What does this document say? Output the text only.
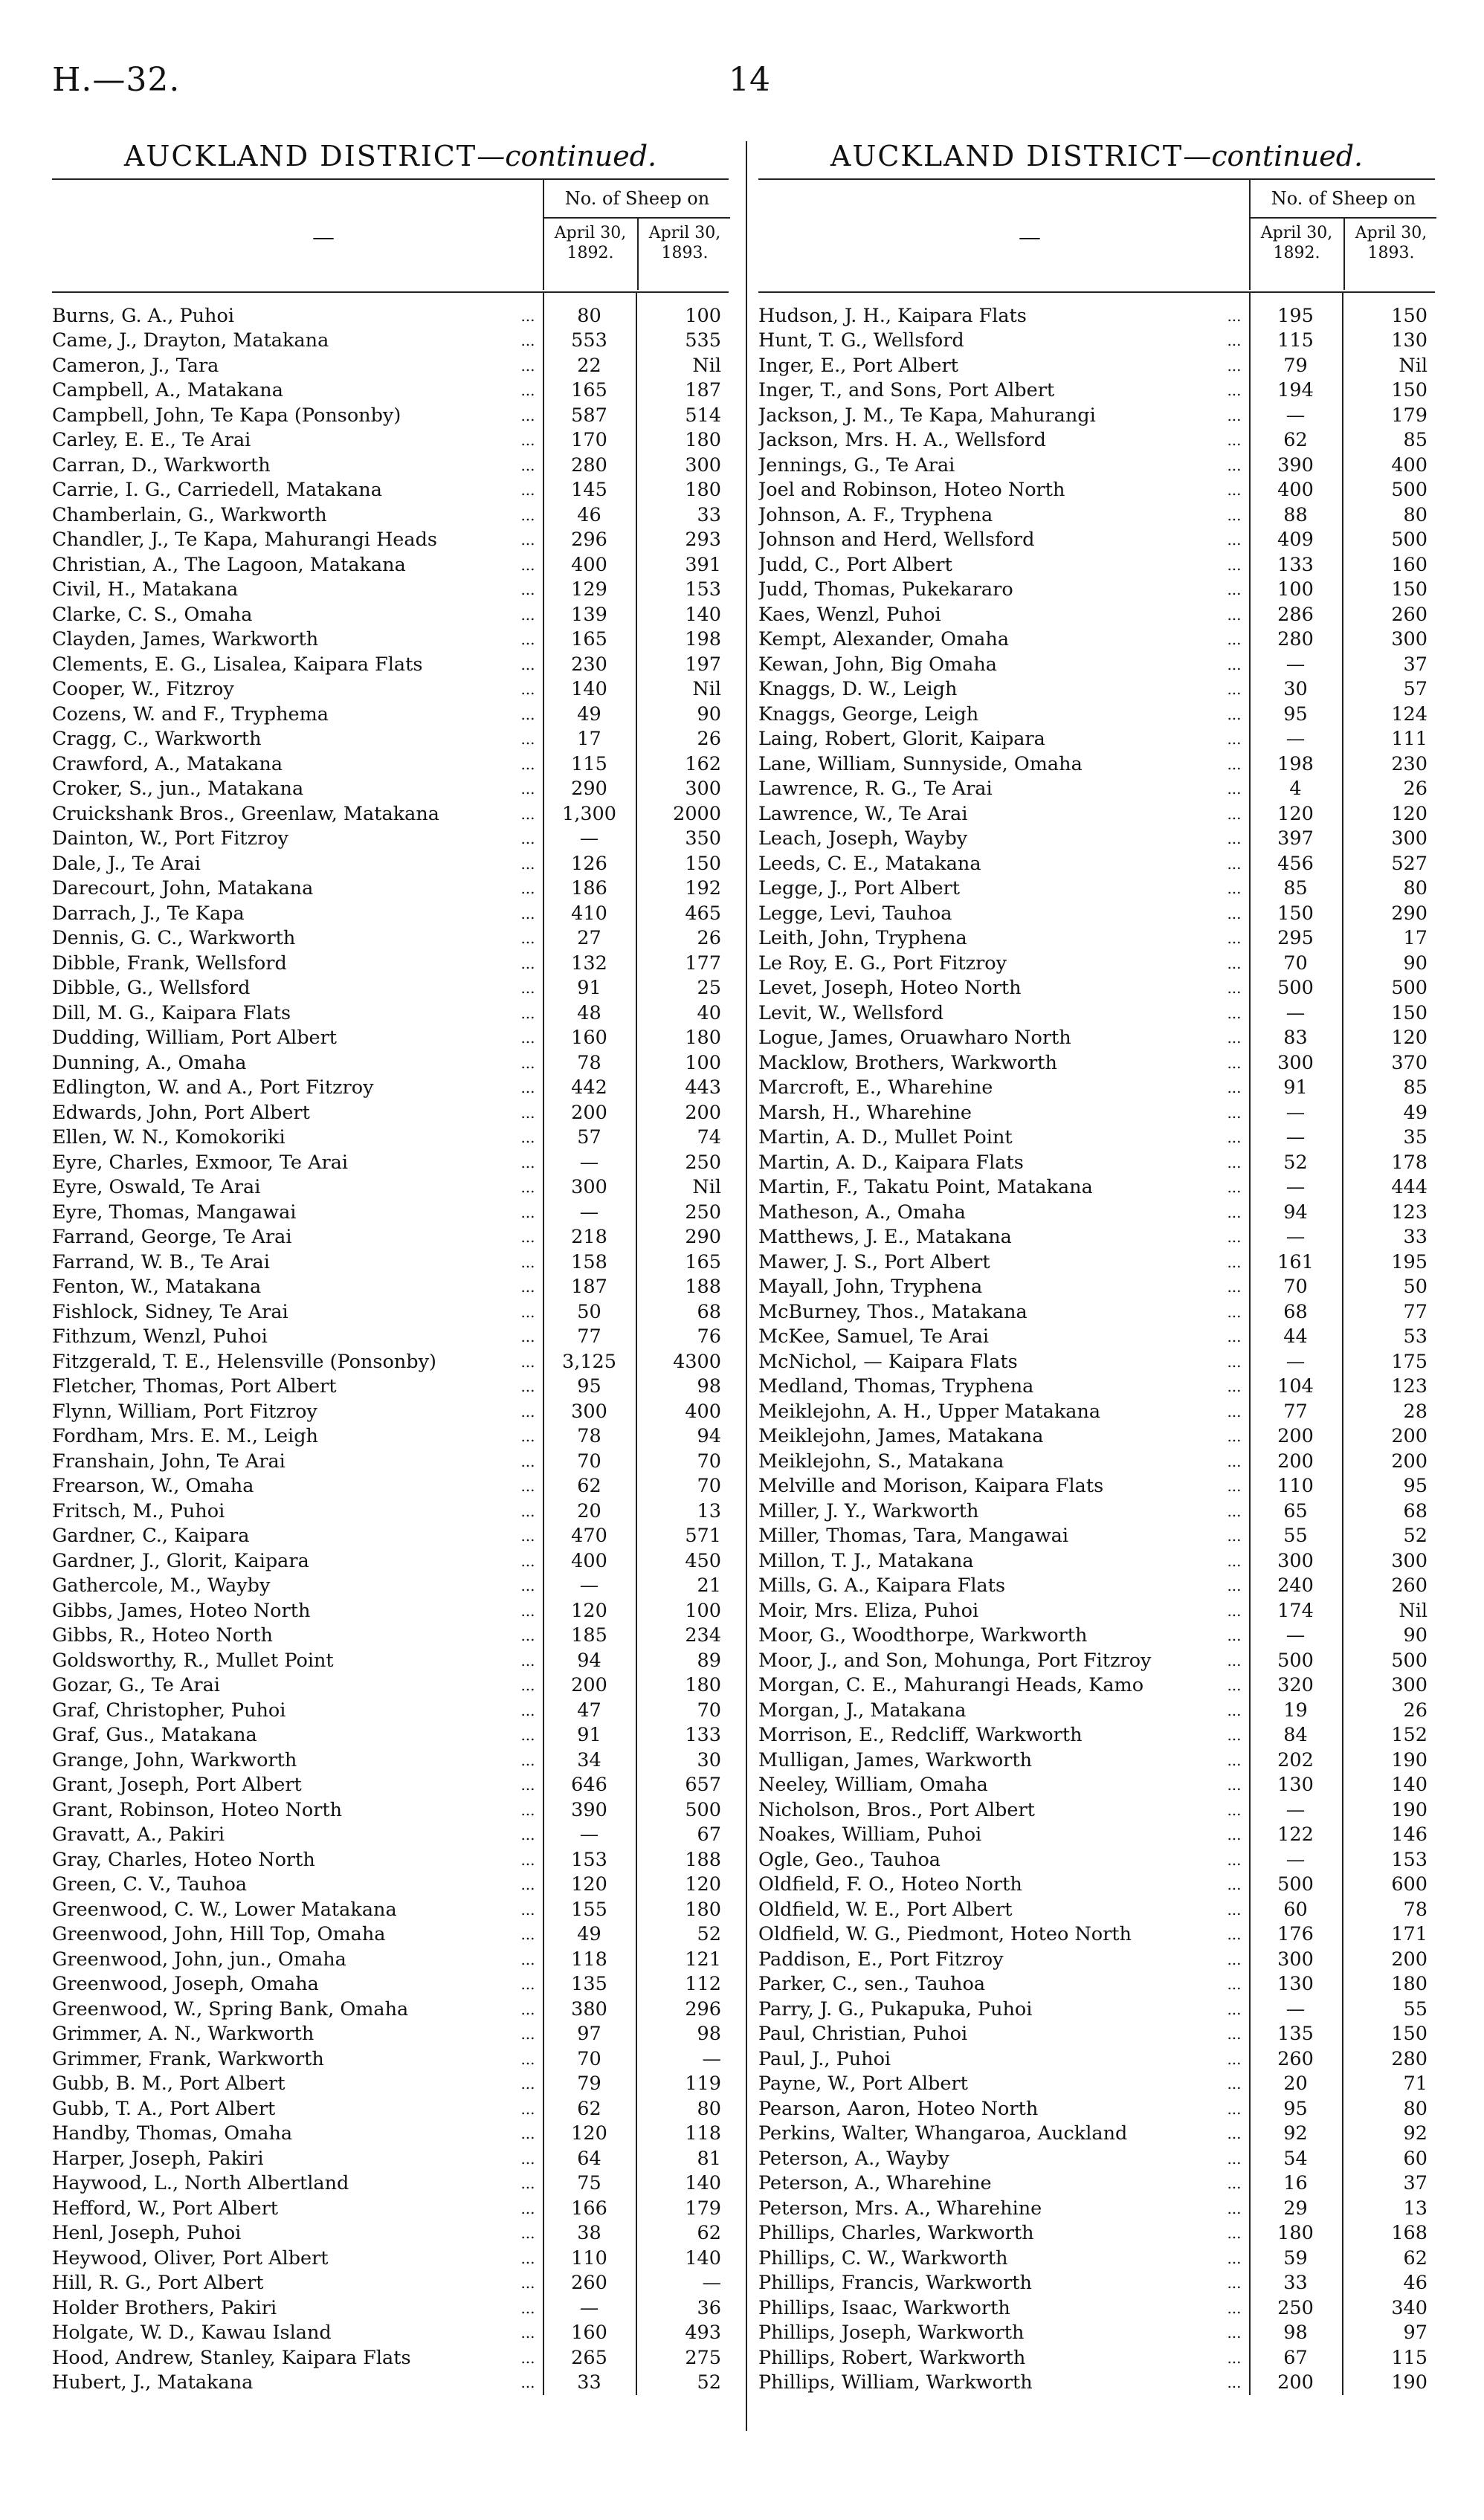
H.—32.	14
AUCKLAND DISTRICT—continued.
—
No. of Sheep on
April 30, 1892.
April 30, 1893.
Burns, G. A., Puhoi	...	80	100
Came, J., Drayton, Matakana	...	553	535
Cameron, J., Tara	...	22	Nil
Campbell, A., Matakana	...	165	187
Campbell, John, Te Kapa (Ponsonby)	...	587	514
Carley, E. E., Te Arai	...	170	180
Carran, D., Warkworth	...	280	300
Carrie, I. G., Carriedell, Matakana	...	145	180
Chamberlain, G., Warkworth	...	46	33
Chandler, J., Te Kapa, Mahurangi Heads	...	296	293
Christian, A., The Lagoon, Matakana	...	400	391
Civil, H., Matakana	...	129	153
Clarke, C. S., Omaha	...	139	140
Clayden, James, Warkworth	...	165	198
Clements, E. G., Lisalea, Kaipara Flats	...	230	197
Cooper, W., Fitzroy	...	140	Nil
Cozens, W. and F., Tryphema	...	49	90
Cragg, C., Warkworth	...	17	26
Crawford, A., Matakana	...	115	162
Croker, S., jun., Matakana	...	290	300
Cruickshank Bros., Greenlaw, Matakana	...	1,300	2000
Dainton, W., Port Fitzroy	...	—	350
Dale, J., Te Arai	...	126	150
Darecourt, John, Matakana	...	186	192
Darrach, J., Te Kapa	...	410	465
Dennis, G. C., Warkworth	...	27	26
Dibble, Frank, Wellsford	...	132	177
Dibble, G., Wellsford	...	91	25
Dill, M. G., Kaipara Flats	...	48	40
Dudding, William, Port Albert	...	160	180
Dunning, A., Omaha	...	78	100
Edlington, W. and A., Port Fitzroy	...	442	443
Edwards, John, Port Albert	...	200	200
Ellen, W. N., Komokoriki	...	57	74
Eyre, Charles, Exmoor, Te Arai	...	—	250
Eyre, Oswald, Te Arai	...	300	Nil
Eyre, Thomas, Mangawai	...	—	250
Farrand, George, Te Arai	...	218	290
Farrand, W. B., Te Arai	...	158	165
Fenton, W., Matakana	...	187	188
Fishlock, Sidney, Te Arai	...	50	68
Fithzum, Wenzl, Puhoi	...	77	76
Fitzgerald, T. E., Helensville (Ponsonby)	...	3,125	4300
Fletcher, Thomas, Port Albert	...	95	98
Flynn, William, Port Fitzroy	...	300	400
Fordham, Mrs. E. M., Leigh	...	78	94
Franshain, John, Te Arai	...	70	70
Frearson, W., Omaha	...	62	70
Fritsch, M., Puhoi	...	20	13
Gardner, C., Kaipara	...	470	571
Gardner, J., Glorit, Kaipara	...	400	450
Gathercole, M., Wayby	...	—	21
Gibbs, James, Hoteo North	...	120	100
Gibbs, R., Hoteo North	...	185	234
Goldsworthy, R., Mullet Point	...	94	89
Gozar, G., Te Arai	...	200	180
Graf, Christopher, Puhoi	...	47	70
Graf, Gus., Matakana	...	91	133
Grange, John, Warkworth	...	34	30
Grant, Joseph, Port Albert	...	646	657
Grant, Robinson, Hoteo North	...	390	500
Gravatt, A., Pakiri	...	—	67
Gray, Charles, Hoteo North	...	153	188
Green, C. V., Tauhoa	...	120	120
Greenwood, C. W., Lower Matakana	...	155	180
Greenwood, John, Hill Top, Omaha	...	49	52
Greenwood, John, jun., Omaha	...	118	121
Greenwood, Joseph, Omaha	...	135	112
Greenwood, W., Spring Bank, Omaha	...	380	296
Grimmer, A. N., Warkworth	...	97	98
Grimmer, Frank, Warkworth	...	70	—
Gubb, B. M., Port Albert	...	79	119
Gubb, T. A., Port Albert	...	62	80
Handby, Thomas, Omaha	...	120	118
Harper, Joseph, Pakiri	...	64	81
Haywood, L., North Albertland	...	75	140
Hefford, W., Port Albert	...	166	179
Henl, Joseph, Puhoi	...	38	62
Heywood, Oliver, Port Albert	...	110	140
Hill, R. G., Port Albert	...	260	—
Holder Brothers, Pakiri	...	—	36
Holgate, W. D., Kawau Island	...	160	493
Hood, Andrew, Stanley, Kaipara Flats	...	265	275
Hubert, J., Matakana	...	33	52
AUCKLAND DISTRICT—continued.
—
No. of Sheep on
April 30, 1892.
April 30, 1893.
Hudson, J. H., Kaipara Flats	...	195	150
Hunt, T. G., Wellsford	...	115	130
Inger, E., Port Albert	...	79	Nil
Inger, T., and Sons, Port Albert	...	194	150
Jackson, J. M., Te Kapa, Mahurangi	...	—	179
Jackson, Mrs. H. A., Wellsford	...	62	85
Jennings, G., Te Arai	...	390	400
Joel and Robinson, Hoteo North	...	400	500
Johnson, A. F., Tryphena	...	88	80
Johnson and Herd, Wellsford	...	409	500
Judd, C., Port Albert	...	133	160
Judd, Thomas, Pukekararo	...	100	150
Kaes, Wenzl, Puhoi	...	286	260
Kempt, Alexander, Omaha	...	280	300
Kewan, John, Big Omaha	...	—	37
Knaggs, D. W., Leigh	...	30	57
Knaggs, George, Leigh	...	95	124
Laing, Robert, Glorit, Kaipara	...	—	111
Lane, William, Sunnyside, Omaha	...	198	230
Lawrence, R. G., Te Arai	...	4	26
Lawrence, W., Te Arai	...	120	120
Leach, Joseph, Wayby	...	397	300
Leeds, C. E., Matakana	...	456	527
Legge, J., Port Albert	...	85	80
Legge, Levi, Tauhoa	...	150	290
Leith, John, Tryphena	...	295	17
Le Roy, E. G., Port Fitzroy	...	70	90
Levet, Joseph, Hoteo North	...	500	500
Levit, W., Wellsford	...	—	150
Logue, James, Oruawharo North	...	83	120
Macklow, Brothers, Warkworth	...	300	370
Marcroft, E., Wharehine	...	91	85
Marsh, H., Wharehine	...	—	49
Martin, A. D., Mullet Point	...	—	35
Martin, A. D., Kaipara Flats	...	52	178
Martin, F., Takatu Point, Matakana	...	—	444
Matheson, A., Omaha	...	94	123
Matthews, J. E., Matakana	...	—	33
Mawer, J. S., Port Albert	...	161	195
Mayall, John, Tryphena	...	70	50
McBurney, Thos., Matakana	...	68	77
McKee, Samuel, Te Arai	...	44	53
McNichol, — Kaipara Flats	...	—	175
Medland, Thomas, Tryphena	...	104	123
Meiklejohn, A. H., Upper Matakana	...	77	28
Meiklejohn, James, Matakana	...	200	200
Meiklejohn, S., Matakana	...	200	200
Melville and Morison, Kaipara Flats	...	110	95
Miller, J. Y., Warkworth	...	65	68
Miller, Thomas, Tara, Mangawai	...	55	52
Millon, T. J., Matakana	...	300	300
Mills, G. A., Kaipara Flats	...	240	260
Moir, Mrs. Eliza, Puhoi	...	174	Nil
Moor, G., Woodthorpe, Warkworth	...	—	90
Moor, J., and Son, Mohunga, Port Fitzroy	...	500	500
Morgan, C. E., Mahurangi Heads, Kamo	...	320	300
Morgan, J., Matakana	...	19	26
Morrison, E., Redcliff, Warkworth	...	84	152
Mulligan, James, Warkworth	...	202	190
Neeley, William, Omaha	...	130	140
Nicholson, Bros., Port Albert	...	—	190
Noakes, William, Puhoi	...	122	146
Ogle, Geo., Tauhoa	...	—	153
Oldfield, F. O., Hoteo North	...	500	600
Oldfield, W. E., Port Albert	...	60	78
Oldfield, W. G., Piedmont, Hoteo North	...	176	171
Paddison, E., Port Fitzroy	...	300	200
Parker, C., sen., Tauhoa	...	130	180
Parry, J. G., Pukapuka, Puhoi	...	—	55
Paul, Christian, Puhoi	...	135	150
Paul, J., Puhoi	...	260	280
Payne, W., Port Albert	...	20	71
Pearson, Aaron, Hoteo North	...	95	80
Perkins, Walter, Whangaroa, Auckland	...	92	92
Peterson, A., Wayby	...	54	60
Peterson, A., Wharehine	...	16	37
Peterson, Mrs. A., Wharehine	...	29	13
Phillips, Charles, Warkworth	...	180	168
Phillips, C. W., Warkworth	...	59	62
Phillips, Francis, Warkworth	...	33	46
Phillips, Isaac, Warkworth	...	250	340
Phillips, Joseph, Warkworth	...	98	97
Phillips, Robert, Warkworth	...	67	115
Phillips, William, Warkworth	...	200	190
